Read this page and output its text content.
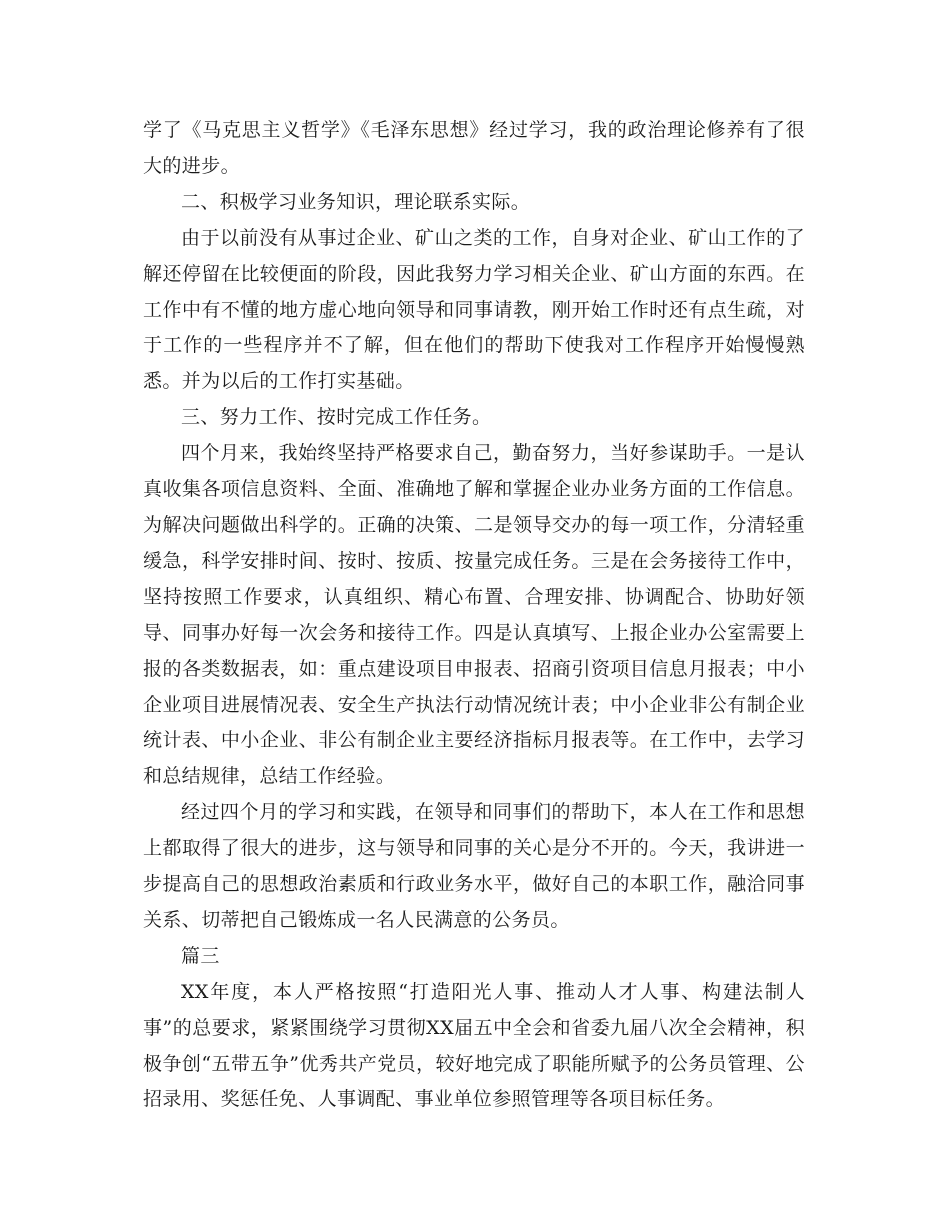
学了《马克思主义哲学》《毛泽东思想》经过学习，我的政治理论修养有了很大的进步。

二、积极学习业务知识，理论联系实际。

由于以前没有从事过企业、矿山之类的工作，自身对企业、矿山工作的了解还停留在比较便面的阶段，因此我努力学习相关企业、矿山方面的东西。在工作中有不懂的地方虚心地向领导和同事请教，刚开始工作时还有点生疏，对于工作的一些程序并不了解，但在他们的帮助下使我对工作程序开始慢慢熟悉。并为以后的工作打实基础。

三、努力工作、按时完成工作任务。

四个月来，我始终坚持严格要求自己，勤奋努力，当好参谋助手。一是认真收集各项信息资料、全面、准确地了解和掌握企业办业务方面的工作信息。为解决问题做出科学的。正确的决策、二是领导交办的每一项工作，分清轻重缓急，科学安排时间、按时、按质、按量完成任务。三是在会务接待工作中，坚持按照工作要求，认真组织、精心布置、合理安排、协调配合、协助好领导、同事办好每一次会务和接待工作。四是认真填写、上报企业办公室需要上报的各类数据表，如：重点建设项目申报表、招商引资项目信息月报表；中小企业项目进展情况表、安全生产执法行动情况统计表；中小企业非公有制企业统计表、中小企业、非公有制企业主要经济指标月报表等。在工作中，去学习和总结规律，总结工作经验。

经过四个月的学习和实践，在领导和同事们的帮助下，本人在工作和思想上都取得了很大的进步，这与领导和同事的关心是分不开的。今天，我讲进一步提高自己的思想政治素质和行政业务水平，做好自己的本职工作，融洽同事关系、切蒂把自己锻炼成一名人民满意的公务员。

篇三

XX年度，本人严格按照“打造阳光人事、推动人才人事、构建法制人事”的总要求，紧紧围绕学习贯彻XX届五中全会和省委九届八次全会精神，积极争创“五带五争”优秀共产党员，较好地完成了职能所赋予的公务员管理、公招录用、奖惩任免、人事调配、事业单位参照管理等各项目标任务。
